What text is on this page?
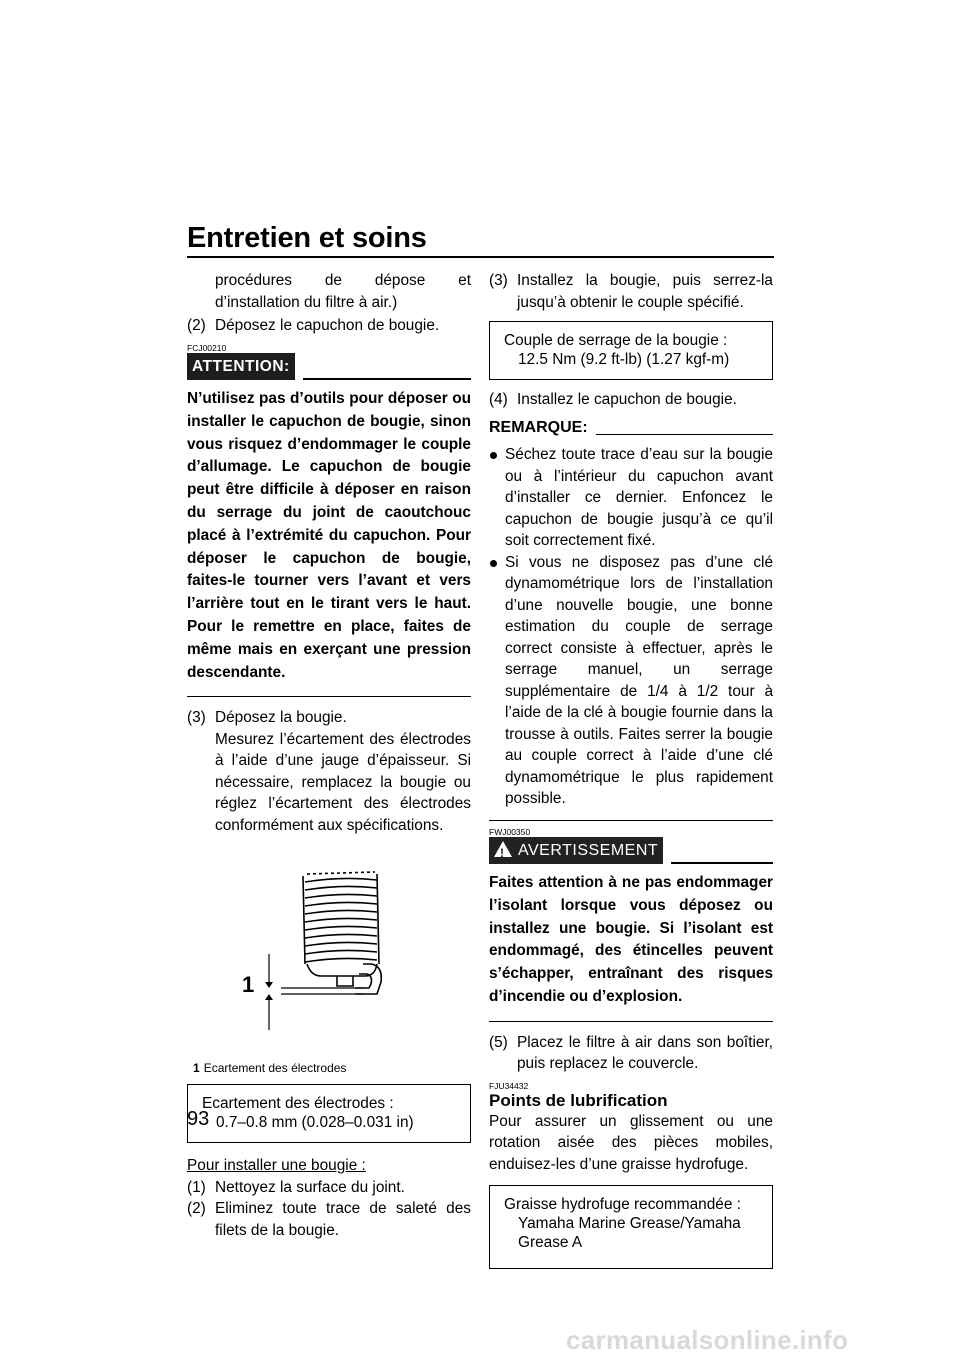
Entretien et soins
93

procédures de dépose et d’installation du filtre à air.)

(2) Déposez le capuchon de bougie.

FCJ00210
ATTENTION:

N’utilisez pas d’outils pour déposer ou installer le capuchon de bougie, sinon vous risquez d’endommager le couple d’allumage. Le capuchon de bougie peut être difficile à déposer en raison du serrage du joint de caoutchouc placé à l’extrémité du capuchon. Pour déposer le capuchon de bougie, faites-le tourner vers l’avant et vers l’arrière tout en le tirant vers le haut. Pour le remettre en place, faites de même mais en exerçant une pression descendante.

(3) Déposez la bougie.

Mesurez l’écartement des électrodes à l’aide d’une jauge d’épaisseur. Si nécessaire, remplacez la bougie ou réglez l’écartement des électrodes conformément aux spécifications.

1
1 Ecartement des électrodes
Ecartement des électrodes :
0.7–0.8 mm (0.028–0.031 in)

Pour installer une bougie :

(1) Nettoyez la surface du joint.

(2) Eliminez toute trace de saleté des filets de la bougie.

(3) Installez la bougie, puis serrez-la jusqu’à obtenir le couple spécifié.

Couple de serrage de la bougie :
12.5 Nm (9.2 ft-lb) (1.27 kgf-m)

(4) Installez le capuchon de bougie.

REMARQUE:

Séchez toute trace d’eau sur la bougie ou à l’intérieur du capuchon avant d’installer ce dernier. Enfoncez le capuchon de bougie jusqu’à ce qu’il soit correctement fixé.

Si vous ne disposez pas d’une clé dynamométrique lors de l’installation d’une nouvelle bougie, une bonne estimation du couple de serrage correct consiste à effectuer, après le serrage manuel, un serrage supplémentaire de 1/4 à 1/2 tour à l’aide de la clé à bougie fournie dans la trousse à outils. Faites serrer la bougie au couple correct à l’aide d’une clé dynamométrique le plus rapidement possible.

FWJ00350
!AVERTISSEMENT

Faites attention à ne pas endommager l’isolant lorsque vous déposez ou installez une bougie. Si l’isolant est endommagé, des étincelles peuvent s’échapper, entraînant des risques d’incendie ou d’explosion.

(5) Placez le filtre à air dans son boîtier, puis replacez le couvercle.

FJU34432
Points de lubrification

Pour assurer un glissement ou une rotation aisée des pièces mobiles, enduisez-les d’une graisse hydrofuge.

Graisse hydrofuge recommandée :
Yamaha Marine Grease/Yamaha Grease A
carmanualsonline.info
